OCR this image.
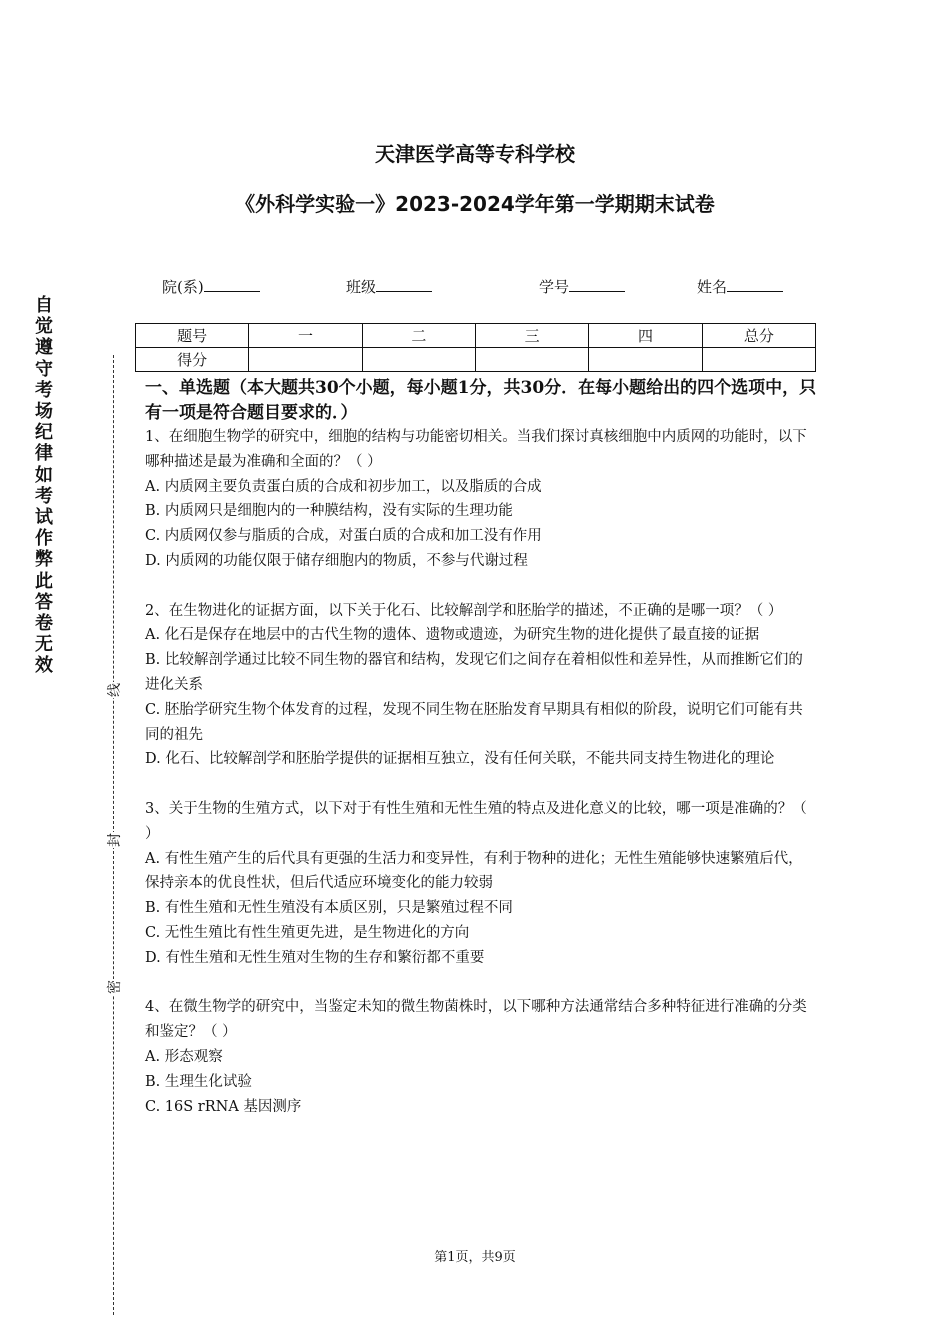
天津医学高等专科学校
《外科学实验一》2023-2024学年第一学期期末试卷
院(系)	班级	学号	姓名
题号	一	二	三	四	总分
得分					
自觉遵守考场纪律如考试作弊此答卷无效
线
封
密
一、单选题（本大题共30个小题，每小题1分，共30分．在每小题给出的四个选项中，只有一项是符合题目要求的．）

1、在细胞生物学的研究中，细胞的结构与功能密切相关。当我们探讨真核细胞中内质网的功能时，以下哪种描述是最为准确和全面的？（ ）

A. 内质网主要负责蛋白质的合成和初步加工，以及脂质的合成

B. 内质网只是细胞内的一种膜结构，没有实际的生理功能

C. 内质网仅参与脂质的合成，对蛋白质的合成和加工没有作用

D. 内质网的功能仅限于储存细胞内的物质，不参与代谢过程

2、在生物进化的证据方面，以下关于化石、比较解剖学和胚胎学的描述，不正确的是哪一项？（ ）

A. 化石是保存在地层中的古代生物的遗体、遗物或遗迹，为研究生物的进化提供了最直接的证据

B. 比较解剖学通过比较不同生物的器官和结构，发现它们之间存在着相似性和差异性，从而推断它们的进化关系

C. 胚胎学研究生物个体发育的过程，发现不同生物在胚胎发育早期具有相似的阶段，说明它们可能有共同的祖先

D. 化石、比较解剖学和胚胎学提供的证据相互独立，没有任何关联，不能共同支持生物进化的理论

3、关于生物的生殖方式，以下对于有性生殖和无性生殖的特点及进化意义的比较，哪一项是准确的？（ ）

A. 有性生殖产生的后代具有更强的生活力和变异性，有利于物种的进化；无性生殖能够快速繁殖后代，保持亲本的优良性状，但后代适应环境变化的能力较弱

B. 有性生殖和无性生殖没有本质区别，只是繁殖过程不同

C. 无性生殖比有性生殖更先进，是生物进化的方向

D. 有性生殖和无性生殖对生物的生存和繁衍都不重要

4、在微生物学的研究中，当鉴定未知的微生物菌株时，以下哪种方法通常结合多种特征进行准确的分类和鉴定？（ ）

A. 形态观察

B. 生理生化试验

C. 16S rRNA 基因测序

第1页，共9页
